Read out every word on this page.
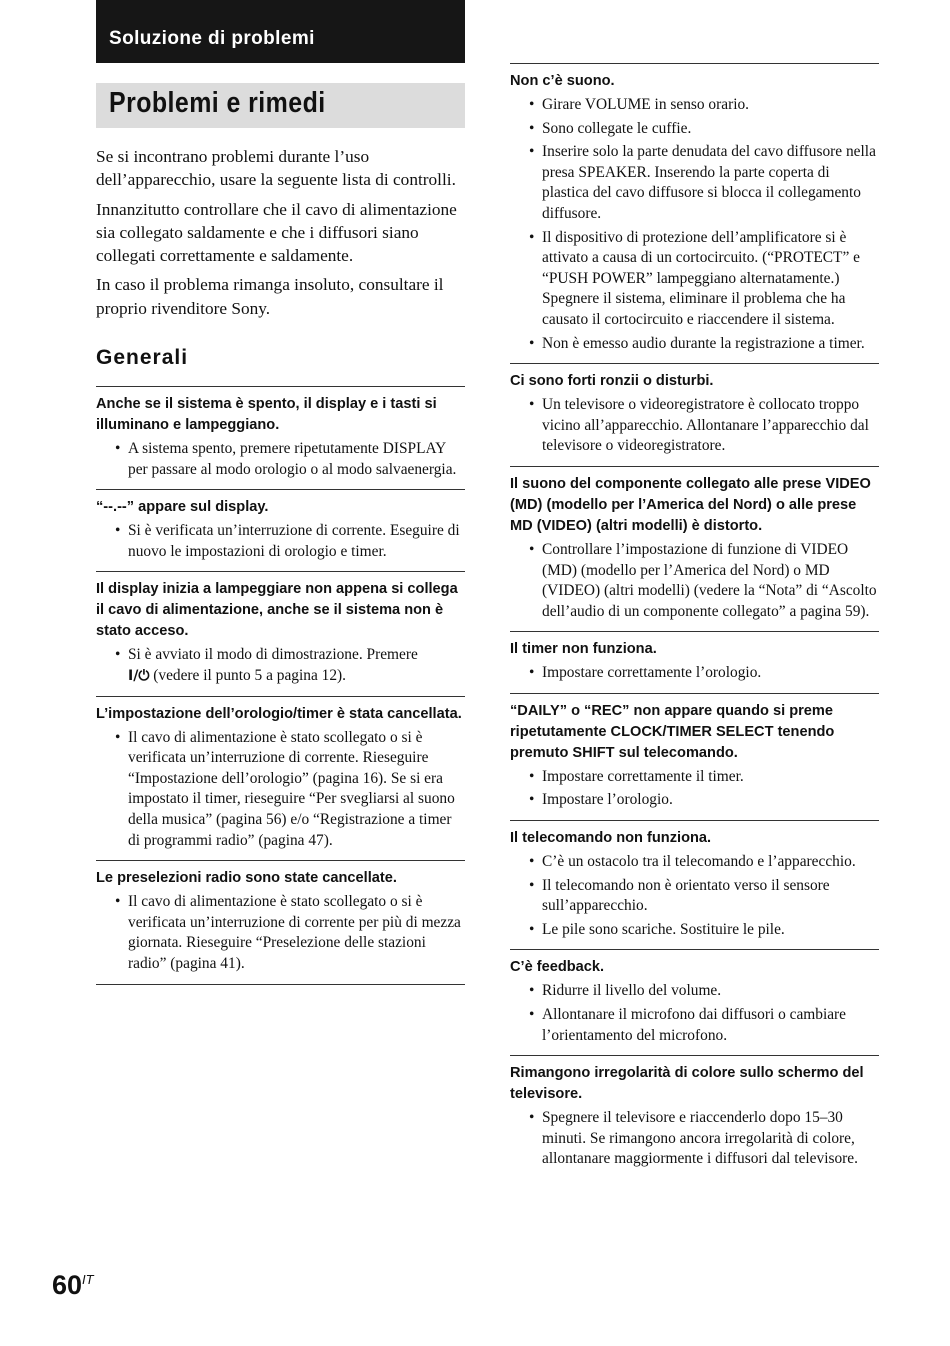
Soluzione di problemi
Problemi e rimedi

Se si incontrano problemi durante l’uso dell’apparecchio, usare la seguente lista di controlli.

Innanzitutto controllare che il cavo di alimentazione sia collegato saldamente e che i diffusori siano collegati correttamente e saldamente.

In caso il problema rimanga insoluto, consultare il proprio rivenditore Sony.

Generali
Anche se il sistema è spento, il display e i tasti si illuminano e lampeggiano.
• A sistema spento, premere ripetutamente DISPLAY per passare al modo orologio o al modo salvaenergia.
“--.--” appare sul display.
• Si è verificata un’interruzione di corrente. Eseguire di nuovo le impostazioni di orologio e timer.
Il display inizia a lampeggiare non appena si collega il cavo di alimentazione, anche se il sistema non è stato acceso.
• Si è avviato il modo di dimostrazione. Premere
I/⏻ (vedere il punto 5 a pagina 12).
L’impostazione dell’orologio/timer è stata cancellata.
• Il cavo di alimentazione è stato scollegato o si è verificata un’interruzione di corrente. Rieseguire “Impostazione dell’orologio” (pagina 16). Se si era impostato il timer, rieseguire “Per svegliarsi al suono della musica” (pagina 56) e/o “Registrazione a timer di programmi radio” (pagina 47).
Le preselezioni radio sono state cancellate.
• Il cavo di alimentazione è stato scollegato o si è verificata un’interruzione di corrente per più di mezza giornata. Rieseguire “Preselezione delle stazioni radio” (pagina 41).
Non c’è suono.
• Girare VOLUME in senso orario.
• Sono collegate le cuffie.
• Inserire solo la parte denudata del cavo diffusore nella presa SPEAKER. Inserendo la parte coperta di plastica del cavo diffusore si blocca il collegamento diffusore.
• Il dispositivo di protezione dell’amplificatore si è attivato a causa di un cortocircuito. (“PROTECT” e “PUSH POWER” lampeggiano alternatamente.) Spegnere il sistema, eliminare il problema che ha causato il cortocircuito e riaccendere il sistema.
• Non è emesso audio durante la registrazione a timer.
Ci sono forti ronzii o disturbi.
• Un televisore o videoregistratore è collocato troppo vicino all’apparecchio. Allontanare l’apparecchio dal televisore o videoregistratore.
Il suono del componente collegato alle prese VIDEO (MD) (modello per l’America del Nord) o alle prese MD (VIDEO) (altri modelli) è distorto.
• Controllare l’impostazione di funzione di VIDEO (MD) (modello per l’America del Nord) o MD (VIDEO) (altri modelli) (vedere la “Nota” di “Ascolto dell’audio di un componente collegato” a pagina 59).
Il timer non funziona.
• Impostare correttamente l’orologio.
“DAILY” o “REC” non appare quando si preme ripetutamente CLOCK/TIMER SELECT tenendo premuto SHIFT sul telecomando.
• Impostare correttamente il timer.
• Impostare l’orologio.
Il telecomando non funziona.
• C’è un ostacolo tra il telecomando e l’apparecchio.
• Il telecomando non è orientato verso il sensore sull’apparecchio.
• Le pile sono scariche. Sostituire le pile.
C’è feedback.
• Ridurre il livello del volume.
• Allontanare il microfono dai diffusori o cambiare l’orientamento del microfono.
Rimangono irregolarità di colore sullo schermo del televisore.
• Spegnere il televisore e riaccenderlo dopo 15–30 minuti. Se rimangono ancora irregolarità di colore, allontanare maggiormente i diffusori dal televisore.
$60^{IT}$
